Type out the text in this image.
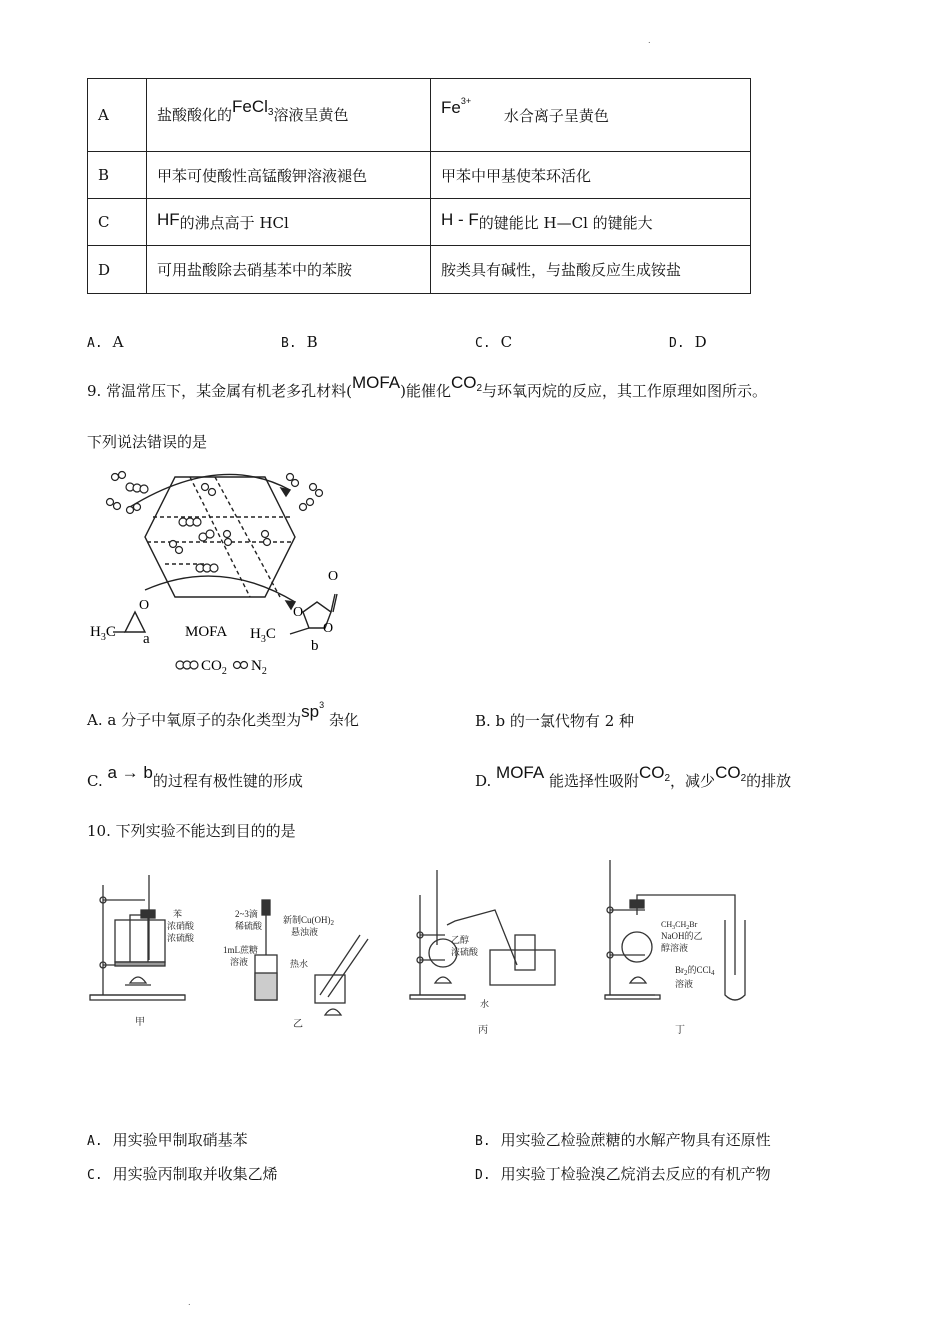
.
A	盐酸酸化的FeCl$_3$溶液呈黄色	$Fe^{3+}$ 水合离子呈黄色
B	甲苯可使酸性高锰酸钾溶液褪色	甲苯中甲基使苯环活化
C	HF的沸点高于 HCl	H - F的键能比 H—Cl 的键能大
D	可用盐酸除去硝基苯中的苯胺	胺类具有碱性，与盐酸反应生成铵盐
A. A	B. B	C. C	D. D
9. 常温常压下，某金属有机老多孔材料(MOFA)能催化$CO_2$与环氧丙烷的反应，其工作原理如图所示。
下列说法错误的是
O	O
O
O
$H_3C$	$H_3C$
a MOFA
b
$CO_2$ $N_2$
A. a 分子中氧原子的杂化类型为$sp^3$ 杂化	B. b 的一氯代物有 2 种
C. a → b的过程有极性键的形成	D. MOFA 能选择性吸附$CO_2$，减少$CO_2$的排放
10. 下列实验不能达到目的的是
苯
浓硝酸
浓硫酸
2~3滴
稀硫酸
1mL蔗糖
溶液
新制$Cu(OH)_2$
悬浊液
热水
乙醇
浓硫酸
水
$CH_3CH_2Br$
NaOH的乙
醇溶液
$Br_2$的CCl$_4$
溶液
甲	乙
丙	丁
A. 用实验甲制取硝基苯	B. 用实验乙检验蔗糖的水解产物具有还原性
C. 用实验丙制取并收集乙烯	D. 用实验丁检验溴乙烷消去反应的有机产物
.
